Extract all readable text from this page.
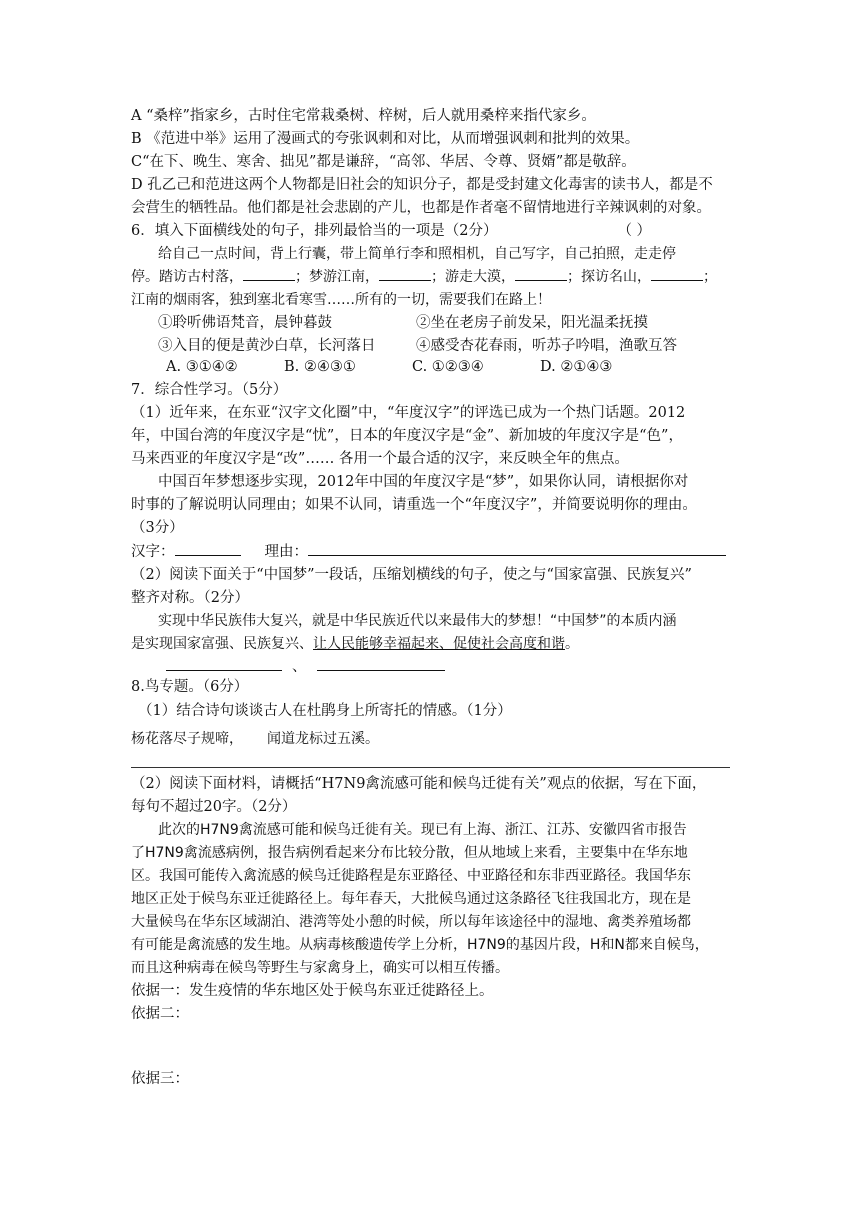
A “桑梓”指家乡，古时住宅常栽桑树、梓树，后人就用桑梓来指代家乡。
B 《范进中举》运用了漫画式的夸张讽刺和对比，从而增强讽刺和批判的效果。
C“在下、晚生、寒舍、拙见”都是谦辞，“高邻、华居、令尊、贤婿”都是敬辞。
D 孔乙己和范进这两个人物都是旧社会的知识分子，都是受封建文化毒害的读书人，都是不
会营生的牺牲品。他们都是社会悲剧的产儿，也都是作者毫不留情地进行辛辣讽刺的对象。
6．填入下面横线处的句子，排列最恰当的一项是（2分）	（ ）
给自己一点时间，背上行囊，带上简单行李和照相机，自己写字，自己拍照，走走停
停。踏访古村落，	；梦游江南，	；游走大漠，	；探访名山，	；
江南的烟雨客，独到塞北看寒雪……所有的一切，需要我们在路上！
①聆听佛语梵音，晨钟暮鼓	②坐在老房子前发呆，阳光温柔抚摸
③入目的便是黄沙白草，长河落日	④感受杏花春雨，听苏子吟唱，渔歌互答
A. ③①④②	B. ②④③①	C. ①②③④	D. ②①④③
7．综合性学习。（5分）
（1）近年来，在东亚“汉字文化圈”中，“年度汉字”的评选已成为一个热门话题。2012
年，中国台湾的年度汉字是“忧”，日本的年度汉字是“金”、新加坡的年度汉字是“色”，
马来西亚的年度汉字是“改”…… 各用一个最合适的汉字，来反映全年的焦点。
中国百年梦想逐步实现，2012年中国的年度汉字是“梦”，如果你认同，请根据你对
时事的了解说明认同理由；如果不认同，请重选一个“年度汉字”，并简要说明你的理由。
（3分）
汉字：	理由：
（2）阅读下面关于“中国梦”一段话，压缩划横线的句子，使之与“国家富强、民族复兴”
整齐对称。（2分）
实现中华民族伟大复兴，就是中华民族近代以来最伟大的梦想！“中国梦”的本质内涵
是实现国家富强、民族复兴、让人民能够幸福起来、促使社会高度和谐。
、
8.鸟专题。（6分）
（1）结合诗句谈谈古人在杜鹃身上所寄托的情感。（1分）
杨花落尽子规啼， 闻道龙标过五溪。
（2）阅读下面材料，请概括“H7N9禽流感可能和候鸟迁徙有关”观点的依据，写在下面，
每句不超过20字。（2分）
此次的H7N9禽流感可能和候鸟迁徙有关。现已有上海、浙江、江苏、安徽四省市报告
了H7N9禽流感病例，报告病例看起来分布比较分散，但从地域上来看，主要集中在华东地
区。我国可能传入禽流感的候鸟迁徙路程是东亚路径、中亚路径和东非西亚路径。我国华东
地区正处于候鸟东亚迁徙路径上。每年春天，大批候鸟通过这条路径飞往我国北方，现在是
大量候鸟在华东区域湖泊、港湾等处小憩的时候，所以每年该途径中的湿地、禽类养殖场都
有可能是禽流感的发生地。从病毒核酸遗传学上分析，H7N9的基因片段，H和N都来自候鸟，
而且这种病毒在候鸟等野生与家禽身上，确实可以相互传播。
依据一：发生疫情的华东地区处于候鸟东亚迁徙路径上。
依据二：
依据三：
